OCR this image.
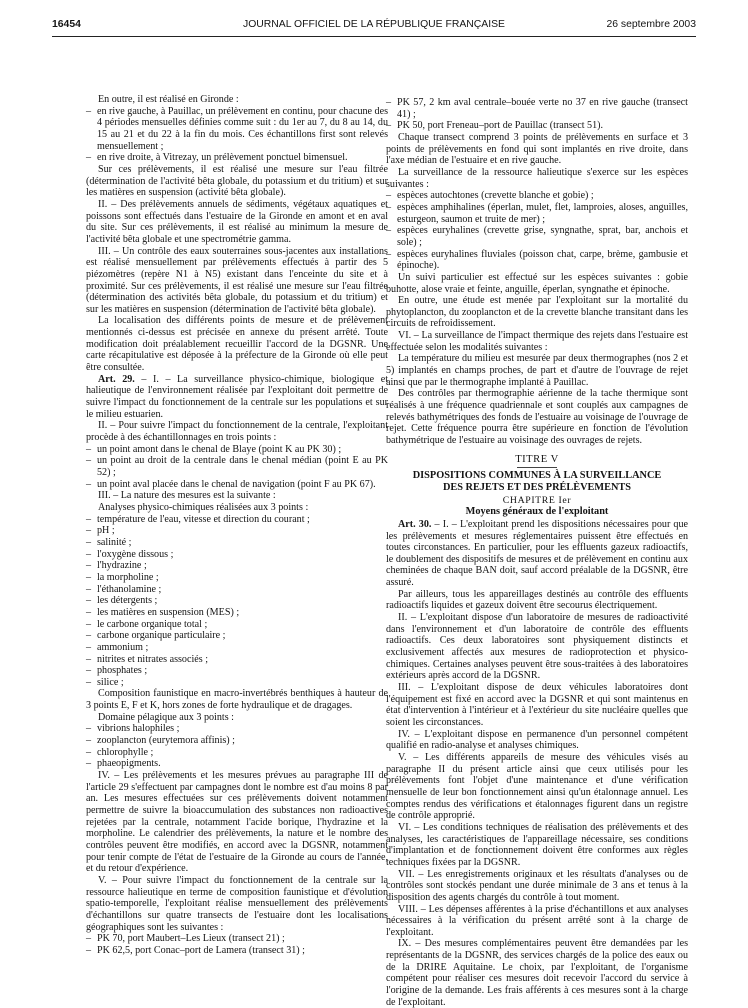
16454	JOURNAL OFFICIEL DE LA RÉPUBLIQUE FRANÇAISE	26 septembre 2003

En outre, il est réalisé en Gironde :

– en rive gauche, à Pauillac, un prélèvement en continu, pour chacune des 4 périodes mensuelles définies comme suit : du 1er au 7, du 8 au 14, du 15 au 21 et du 22 à la fin du mois. Ces échantillons first sont relevés mensuellement ;

– en rive droite, à Vitrezay, un prélèvement ponctuel bimensuel.

Sur ces prélèvements, il est réalisé une mesure sur l'eau filtrée (détermination de l'activité bêta globale, du potassium et du tritium) et sur les matières en suspension (activité bêta globale).

II. – Des prélèvements annuels de sédiments, végétaux aquatiques et poissons sont effectués dans l'estuaire de la Gironde en amont et en aval du site. Sur ces prélèvements, il est réalisé au minimum la mesure de l'activité bêta globale et une spectrométrie gamma.

III. – Un contrôle des eaux souterraines sous-jacentes aux installations est réalisé mensuellement par prélèvements effectués à partir des 5 piézomètres (repère N1 à N5) existant dans l'enceinte du site et à proximité. Sur ces prélèvements, il est réalisé une mesure sur l'eau filtrée (détermination des activités bêta globale, du potassium et du tritium) et sur les matières en suspension (détermination de l'activité bêta globale).

La localisation des différents points de mesure et de prélèvement mentionnés ci-dessus est précisée en annexe du présent arrêté. Toute modification doit préalablement recueillir l'accord de la DGSNR. Une carte récapitulative est déposée à la préfecture de la Gironde où elle peut être consultée.

Art. 29. – I. – La surveillance physico-chimique, biologique et halieutique de l'environnement réalisée par l'exploitant doit permettre de suivre l'impact du fonctionnement de la centrale sur les populations et sur le milieu estuarien.

II. – Pour suivre l'impact du fonctionnement de la centrale, l'exploitant procède à des échantillonnages en trois points :

– un point amont dans le chenal de Blaye (point K au PK 30) ;

– un point au droit de la centrale dans le chenal médian (point E au PK 52) ;

– un point aval placée dans le chenal de navigation (point F au PK 67).

III. – La nature des mesures est la suivante :

Analyses physico-chimiques réalisées aux 3 points :

– température de l'eau, vitesse et direction du courant ;

– pH ;

– salinité ;

– l'oxygène dissous ;

– l'hydrazine ;

– la morpholine ;

– l'éthanolamine ;

– les détergents ;

– les matières en suspension (MES) ;

– le carbone organique total ;

– carbone organique particulaire ;

– ammonium ;

– nitrites et nitrates associés ;

– phosphates ;

– silice ;

Composition faunistique en macro-invertébrés benthiques à hauteur de 3 points E, F et K, hors zones de forte hydraulique et de dragages.

Domaine pélagique aux 3 points :

– vibrions halophiles ;

– zooplancton (eurytemora affinis) ;

– chlorophylle ;

– phaeopigments.

IV. – Les prélèvements et les mesures prévues au paragraphe III de l'article 29 s'effectuent par campagnes dont le nombre est d'au moins 8 par an. Les mesures effectuées sur ces prélèvements doivent notamment permettre de suivre la bioaccumulation des substances non radioactives rejetées par la centrale, notamment l'acide borique, l'hydrazine et la morpholine. Le calendrier des prélèvements, la nature et le nombre des contrôles peuvent être modifiés, en accord avec la DGSNR, notamment pour tenir compte de l'état de l'estuaire de la Gironde au cours de l'année, et du retour d'expérience.

V. – Pour suivre l'impact du fonctionnement de la centrale sur la ressource halieutique en terme de composition faunistique et d'évolution spatio-temporelle, l'exploitant réalise mensuellement des prélèvements d'échantillons sur quatre transects de l'estuaire dont les localisations géographiques sont les suivantes :

– PK 70, port Maubert–Les Lieux (transect 21) ;

– PK 62,5, port Conac–port de Lamera (transect 31) ;

– PK 57, 2 km aval centrale–bouée verte no 37 en rive gauche (transect 41) ;

– PK 50, port Freneau–port de Pauillac (transect 51).

Chaque transect comprend 3 points de prélèvements en surface et 3 points de prélèvements en fond qui sont implantés en rive droite, dans l'axe médian de l'estuaire et en rive gauche.

La surveillance de la ressource halieutique s'exerce sur les espèces suivantes :

– espèces autochtones (crevette blanche et gobie) ;

– espèces amphihalines (éperlan, mulet, flet, lamproies, aloses, anguilles, esturgeon, saumon et truite de mer) ;

– espèces euryhalines (crevette grise, syngnathe, sprat, bar, anchois et sole) ;

– espèces euryhalines fluviales (poisson chat, carpe, brème, gambusie et épinoche).

Un suivi particulier est effectué sur les espèces suivantes : gobie buhotte, alose vraie et feinte, anguille, éperlan, syngnathe et épinoche.

En outre, une étude est menée par l'exploitant sur la mortalité du phytoplancton, du zooplancton et de la crevette blanche transitant dans les circuits de refroidissement.

VI. – La surveillance de l'impact thermique des rejets dans l'estuaire est effectuée selon les modalités suivantes :

La température du milieu est mesurée par deux thermographes (nos 2 et 5) implantés en champs proches, de part et d'autre de l'ouvrage de rejet ainsi que par le thermographe implanté à Pauillac.

Des contrôles par thermographie aérienne de la tache thermique sont réalisés à une fréquence quadriennale et sont couplés aux campagnes de relevés bathymétriques des fonds de l'estuaire au voisinage de l'ouvrage de rejet. Cette fréquence pourra être supérieure en fonction de l'évolution bathymétrique de l'estuaire au voisinage des ouvrages de rejets.

TITRE V

DISPOSITIONS COMMUNES À LA SURVEILLANCE

DES REJETS ET DES PRÉLÈVEMENTS

CHAPITRE Ier

Moyens généraux de l'exploitant

Art. 30. – I. – L'exploitant prend les dispositions nécessaires pour que les prélèvements et mesures réglementaires puissent être effectués en toutes circonstances. En particulier, pour les effluents gazeux radioactifs, le doublement des dispositifs de mesures et de prélèvement en continu aux cheminées de chaque BAN doit, sauf accord préalable de la DGSNR, être assuré.

Par ailleurs, tous les appareillages destinés au contrôle des effluents radioactifs liquides et gazeux doivent être secourus électriquement.

II. – L'exploitant dispose d'un laboratoire de mesures de radioactivité dans l'environnement et d'un laboratoire de contrôle des effluents radioactifs. Ces deux laboratoires sont physiquement distincts et exclusivement affectés aux mesures de radioprotection et physico-chimiques. Certaines analyses peuvent être sous-traitées à des laboratoires extérieurs après accord de la DGSNR.

III. – L'exploitant dispose de deux véhicules laboratoires dont l'équipement est fixé en accord avec la DGSNR et qui sont maintenus en état d'intervention à l'intérieur et à l'extérieur du site nucléaire quelles que soient les circonstances.

IV. – L'exploitant dispose en permanence d'un personnel compétent qualifié en radio-analyse et analyses chimiques.

V. – Les différents appareils de mesure des véhicules visés au paragraphe II du présent article ainsi que ceux utilisés pour les prélèvements font l'objet d'une maintenance et d'une vérification mensuelle de leur bon fonctionnement ainsi qu'un étalonnage annuel. Les comptes rendus des vérifications et étalonnages figurent dans un registre de contrôle approprié.

VI. – Les conditions techniques de réalisation des prélèvements et des analyses, les caractéristiques de l'appareillage nécessaire, ses conditions d'implantation et de fonctionnement doivent être conformes aux règles techniques fixées par la DGSNR.

VII. – Les enregistrements originaux et les résultats d'analyses ou de contrôles sont stockés pendant une durée minimale de 3 ans et tenus à la disposition des agents chargés du contrôle à tout moment.

VIII. – Les dépenses afférentes à la prise d'échantillons et aux analyses nécessaires à la vérification du présent arrêté sont à la charge de l'exploitant.

IX. – Des mesures complémentaires peuvent être demandées par les représentants de la DGSNR, des services chargés de la police des eaux ou de la DRIRE Aquitaine. Le choix, par l'exploitant, de l'organisme compétent pour réaliser ces mesures doit recevoir l'accord du service à l'origine de la demande. Les frais afférents à ces mesures sont à la charge de l'exploitant.
